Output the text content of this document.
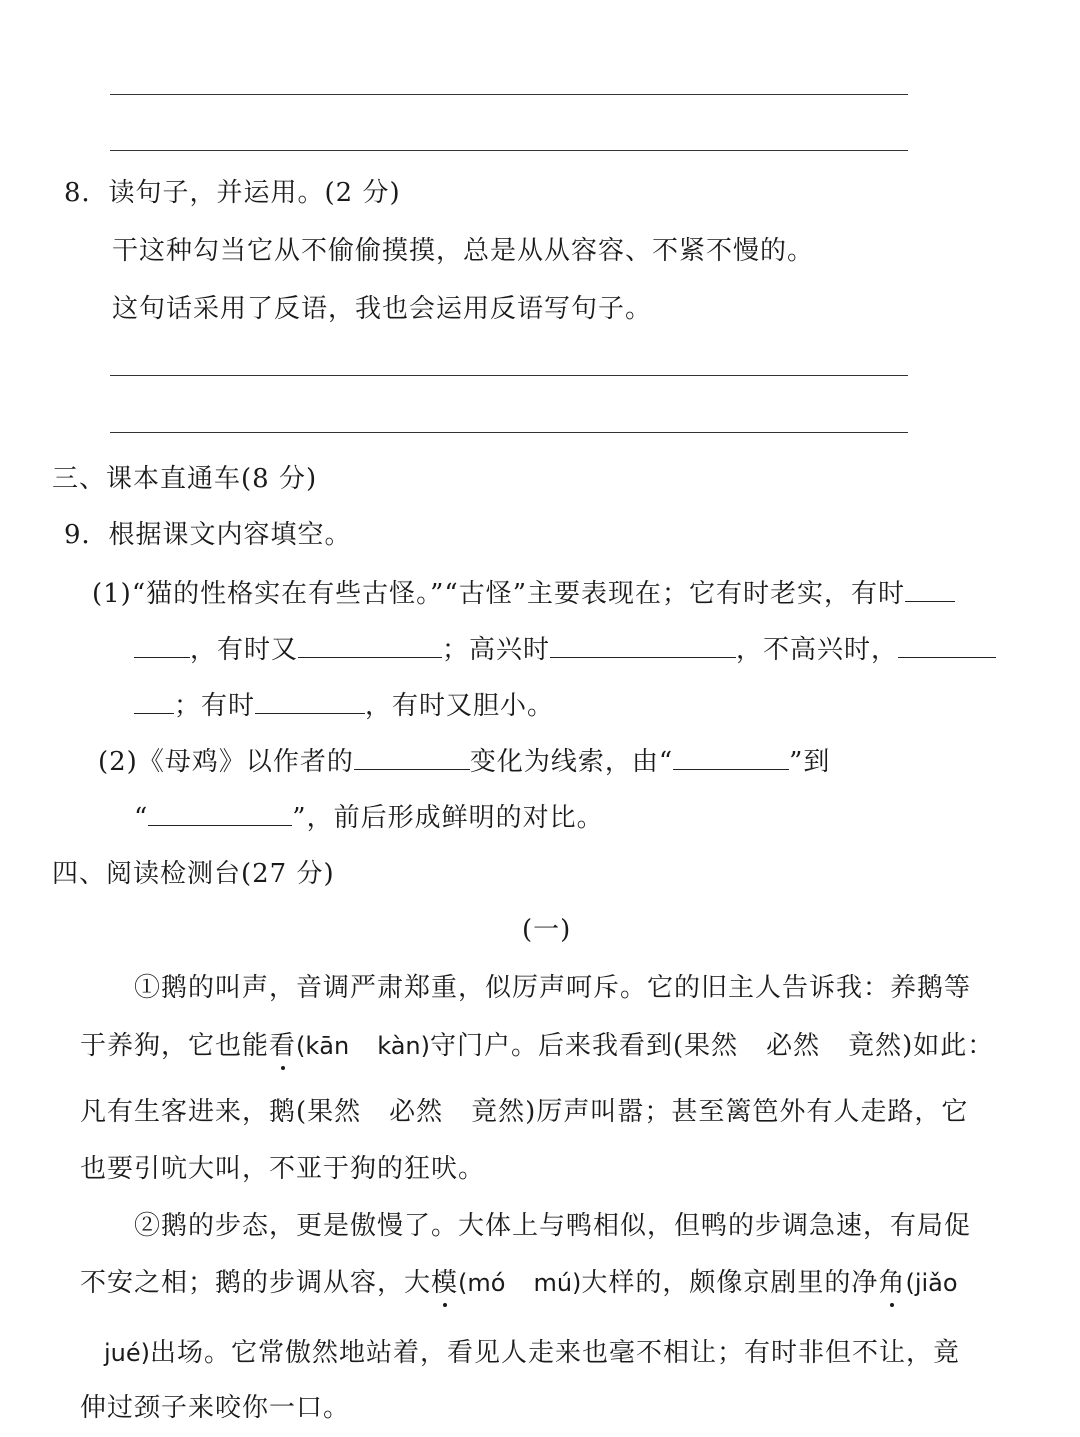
8．读句子，并运用。(2 分)
干这种勾当它从不偷偷摸摸，总是从从容容、不紧不慢的。
这句话采用了反语，我也会运用反语写句子。
三、课本直通车(8 分)
9．根据课文内容填空。
(1)“猫的性格实在有些古怪。”“古怪”主要表现在；它有时老实，有时
，有时又	；高兴时	，不高兴时，
；有时	，有时又胆小。
(2)《母鸡》以作者的	变化为线索，由“	”到
“	”，前后形成鲜明的对比。
四、阅读检测台(27 分)
(一)
①鹅的叫声，音调严肃郑重，似厉声呵斥。它的旧主人告诉我：养鹅等
于养狗，它也能看(kān kàn)守门户。后来我看到(果然 必然 竟然)如此：
凡有生客进来，鹅(果然 必然 竟然)厉声叫嚣；甚至篱笆外有人走路，它
也要引吭大叫，不亚于狗的狂吠。
②鹅的步态，更是傲慢了。大体上与鸭相似，但鸭的步调急速，有局促
不安之相；鹅的步调从容，大模(mó mú)大样的，颇像京剧里的净角(jiǎo
jué)出场。它常傲然地站着，看见人走来也毫不相让；有时非但不让，竟
伸过颈子来咬你一口。
